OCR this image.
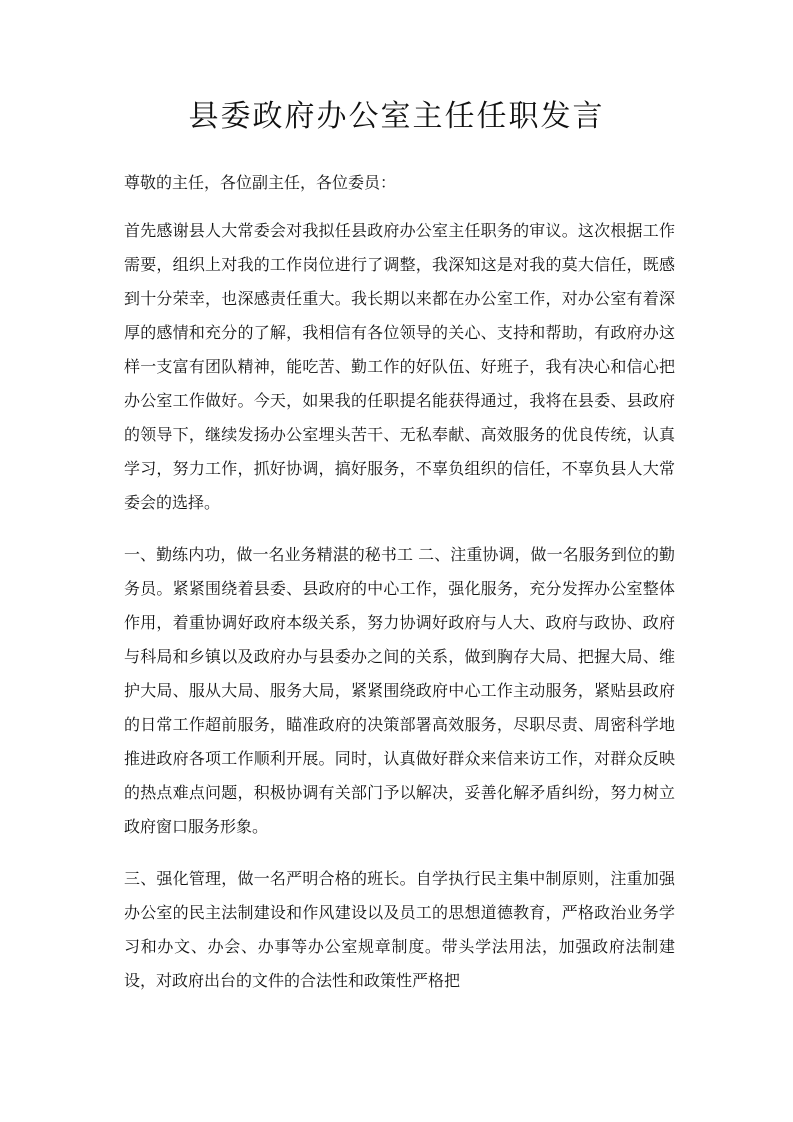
县委政府办公室主任任职发言

尊敬的主任，各位副主任，各位委员：

首先感谢县人大常委会对我拟任县政府办公室主任职务的审议。这次根据工作需要，组织上对我的工作岗位进行了调整，我深知这是对我的莫大信任，既感到十分荣幸，也深感责任重大。我长期以来都在办公室工作，对办公室有着深厚的感情和充分的了解，我相信有各位领导的关心、支持和帮助，有政府办这样一支富有团队精神，能吃苦、勤工作的好队伍、好班子，我有决心和信心把办公室工作做好。今天，如果我的任职提名能获得通过，我将在县委、县政府的领导下，继续发扬办公室埋头苦干、无私奉献、高效服务的优良传统，认真学习，努力工作，抓好协调，搞好服务，不辜负组织的信任，不辜负县人大常委会的选择。

一、勤练内功，做一名业务精湛的秘书工 二、注重协调，做一名服务到位的勤务员。紧紧围绕着县委、县政府的中心工作，强化服务，充分发挥办公室整体作用，着重协调好政府本级关系，努力协调好政府与人大、政府与政协、政府与科局和乡镇以及政府办与县委办之间的关系，做到胸存大局、把握大局、维护大局、服从大局、服务大局，紧紧围绕政府中心工作主动服务，紧贴县政府的日常工作超前服务，瞄准政府的决策部署高效服务，尽职尽责、周密科学地推进政府各项工作顺利开展。同时，认真做好群众来信来访工作，对群众反映的热点难点问题，积极协调有关部门予以解决，妥善化解矛盾纠纷，努力树立政府窗口服务形象。

三、强化管理，做一名严明合格的班长。自学执行民主集中制原则，注重加强办公室的民主法制建设和作风建设以及员工的思想道德教育，严格政治业务学习和办文、办会、办事等办公室规章制度。带头学法用法，加强政府法制建设，对政府出台的文件的合法性和政策性严格把
